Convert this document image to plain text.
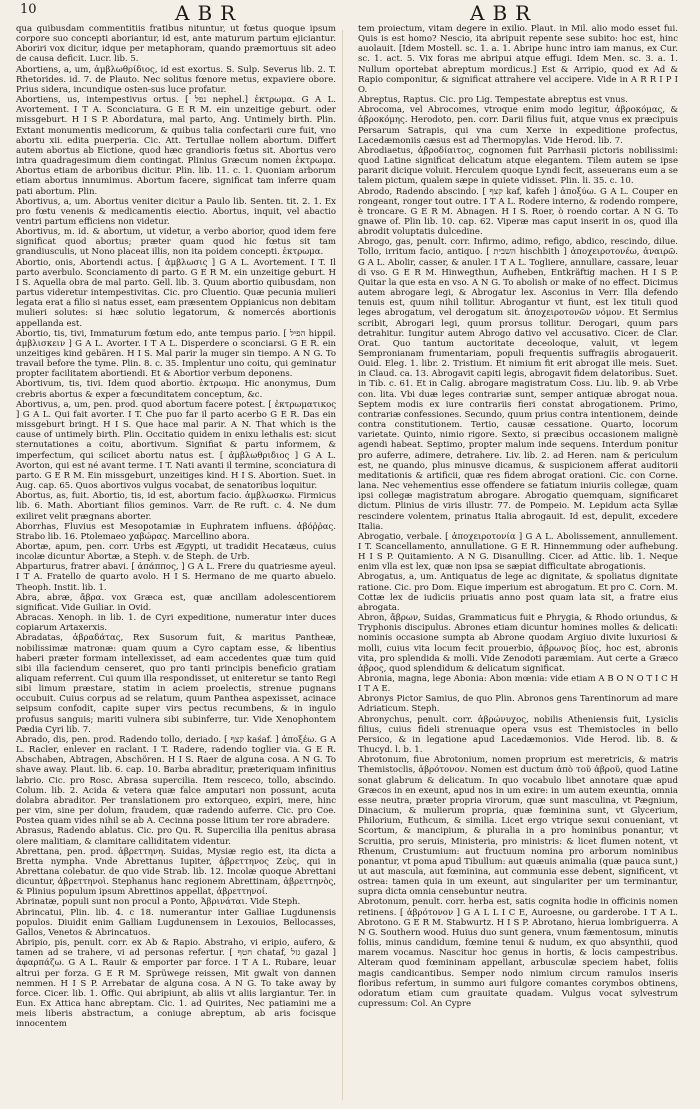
10	ABR	ABR

qua quibusdam commentitiis fratibus nituntur, ut fœtus quoque ipsum corpore suo concepti aboriantur, id est, ante maturum partum ejiciantur. Aboriri vox dicitur, idque per metaphoram, quando præmortuus sit adeo de causa deficit. Lucr. lib. 5.

Abortiens, a, um, ἀμβλωθρίδιος, id est exortus. S. Sulp. Severus lib. 2. T. Rhetorides. id. 7. de Plauto. Nec solitus fœnore metus, expaviere obore. Prius sidera, incundique osten-sus luce profatur.

Abortiens, us, intempestivus ortus. [ נפל nephel.] ἐκτρωμα. G A L. Avortement. I T A. Sconciatura. G E R M. ein unzeitige geburt. oder missgeburt. H I S P. Abordatura, mal parto, Ang. Untimely birth. Plin. Extant monumentis medicorum, & quibus talia confectarii cure fuit, vno abortu xii. edita puerperia. Cic. Att. Tertullae nollem abortum. Differt autem abortus ab Eictione, quod hæc grandioris fœtus sit. Abortus vero intra quadragesimum diem contingat. Plinius Græcum nomen ἐκτρωμα. Abortus etiam de arboribus dicitur. Plin. lib. 11. c. 1. Quoniam arborum etiam abortus innumimus. Abortum facere, significat tam inferre quam pati abortum. Plin.

Abortivus, a, um. Abortus veniter dicitur a Paulo lib. Senten. tit. 2. 1. Ex pro fœtu venenis & medicamentis eiectio. Abortus, inquit, vel abactio ventri partum efficiens non videtur.

Abortivus, m. id. & abortum, ut videtur, a verbo aborior, quod idem fere significat quod abortus; præter quam quod hic fœtus sit tam grandiusculis, ut Nono placeat illis, non ita poidem concepti. ἐκτρωμα.

Abortio, onis, Abortendi actus. [ ἀμβλωσις ] G A L. Avortement. I T. Il parto averbulo. Sconciamento di parto. G E R M. ein unzeitige geburt. H I S. Aquella obra de mal parto. Gell. lib. 3. Quum abortio quibusdam, non partus videretur intempestivitas. Cic. pro Cluentio. Quæ pecunia mulieri legata erat a filio si natus esset, eam præsentem Oppianicus non debitam mulieri solutes: si hæc solutio legatorum, & nomercés abortionis appellanda est.

Abortio, tis, tivi, Immaturum fœtum edo, ante tempus pario. [ הפיל hippil. ἀμβλισκειν ] G A L. Avorter. I T A L. Disperdere o sconciarsi. G E R. ein unzeitiges kind gebären. H I S. Mal parir la muger sin tiempo. A N G. To travail before the tyme. Plin. 8. c. 35. Implentur uno coitu, qui geminatur propter facilitatem abortiendi. Et & Abortior verbum deponens.

Abortivum, tis, tivi. Idem quod abortio. ἐκτρωμα. Hic anonymus, Dum crebris abortus & exper a fœcunditatem conceptum, &c.

Abortivus, a, um, pen. prod. quod abortum facere potest. [ ἐκτρωματικος ] G A L. Qui fait avorter. I T. Che puo far il parto acerbo G E R. Das ein missgeburt bringt. H I S. Que hace mal parir. A N. That which is the cause of untimely birth. Plin. Occitatio quidem in enixu lethalis est: sicut sternutationes a coitu, abortivum. Signifiat & partu informem, & imperfectum, qui scilicet abortu natus est. [ ἀμβλωθριδιος ] G A L. Avorton, qui est né avant terme. I T. Nati avanti il termine, sconciatura di parto. G E R M. Ein missgeburt, unzeitiges kind. H I S. Abortion. Suet. in Aug. cap. 65. Quos abortivos vulgus vocabat, de senatoribus loquitur.

Abortus, as, fuit. Abortio, tis, id est, abortum facio. ἀμβλωσκω. Firmicus lib. 6. Math. Abortiant filios geminos. Varr. de Re ruft. c. 4. Ne dum exiliret velit prægnans aborter.

Aborrhas, Fluvius est Mesopotamiæ in Euphratem influens. ἀβόῤῥας. Strabo lib. 16. Ptolemaeo χαβώρας. Marcellino abora.

Abortæ, apum, pen. corr. Urbs est Ægypti, ut tradidit Hecatæus, cuius incolæ dicuntur Abortæ, a Steph. v. de Steph. de Urb.

Abparturus, fratrer abavi. [ ἀπάππος, ] G A L. Frere du quatriesme ayeul. I T A. Fratello de quarto avolo. H I S. Hermano de me quarto abuelo. Theoph. Instit. lib. 1.

Abra, abræ, ἄβρα. vox Græca est, quæ ancillam adolescentiorem significat. Vide Guiliar. in Ovid.

Abracas. Xenoph. in lib. 1. de Cyri expeditione, numeratur inter duces copiarum Artaxerxis.

Abradatas, ἀβραδάτας, Rex Susorum fuit, & maritus Pantheæ, nobilissimæ matronæ: quam quum a Cyro captam esse, & libentius haberi præter formam intellexisset, ad eam accedentes quæ tum quid sibi illa faciendum censeret, quo pro tanti principis beneficio gratiam aliquam referrent. Cui quum illa respondisset, ut eniteretur se tanto Regi sibi limum præstare, statim in aciem proelectis, strenue pugnans occubuit. Cuius corpus ad se relatum, quum Panthea aspexisset, acinace seipsum confodit, capite super virs pectus recumbens, & in ingulo profusus sanguis; mariti vulnera sibi subinferre, tur. Vide Xenophontem Pædia Cyri lib. 7.

Abrado, dis, pen. prod. Radendo tollo, deriado. [ קצף kaśaf. ] ἀποξέω. G A L. Racler, enlever en raclant. I T. Radere, radendo toglier via. G E R. Abschaben, Abtragen, Abschören. H I S. Raer de alguna cosa. A N G. To shave away. Plaut. lib. 6. cap. 10. Barba abraditur, præteriquam infinitius labrio. Cic. pro Rosc. Abrasa supercilia. Item resceco, tollo, abscindo. Colum. lib. 2. Acida & vetera quæ falce amputari non possunt, acuta dolabra abraditor. Per translationem pro extorqueo, expiri, mere, hinc per vim, sine per dolum, fraudem, quæ radendo auferre. Cic. pro Coe. Postea quam vides nihil se ab A. Cecinna posse litium ter rore abradere.

Abrasus, Radendo ablatus. Cic. pro Qu. R. Supercilia illa penitus abrasa olere malitiam, & clamitare calliditatem videntur.

Abrettana, pen. prod. ἀβρεττηνη. Suidas, Mysiæ regio est, ita dicta a Bretta nympha. Vnde Abrettanus Iupiter, ἀβρεττηνος Ζεὺς, qui in Abrettana colebatur. de quo vide Strab. lib. 12. Incolæ quoque Abrettani dicuntur, ἀβρεττηνοὶ. Stephanus hanc regionem Abrettinam, ἀβρεττηνὸς, & Plinius populum ipsum Abrettinos appellat, ἀβρεττηνοί.

Abrinatæ, populi sunt non procul a Ponto, Ἀβρινάται. Vide Steph.

Abrincatui, Plin. lib. 4. c 18. numerantur inter Galliae Lugdunensis populos. Diuidit enim Galliam Lugdunensem in Lexouios, Bellocasses, Gallos, Venetos & Abrincatuos.

Abripio, pis, penult. corr. ex Ab & Rapio. Abstraho, vi eripio, aufero, & tamen ad se trahere, vi ad personas refertur. [ חטף chataf, גזל gazal ] ἀφαρπάζω. G A L. Rauir & emporter par force. I T A L. Rubare, leuar altrui per forza. G E R M. Sprüwege reissen, Mit gwalt von dannen nemmen. H I S P. Arrebatar de alguna cosa. A N G. To take away by force. Cicer. lib. 1. Offic. Qui abripiunt, ab aliis vt aliis largiantur. Ter. in Eun. Ex Attica hanc abreptam. Cic. 1. ad Quirites, Nec patiamini me a meis liberis abstractum, a coniuge abreptum, ab aris focisque innocentem

tem proiectum, vitam degere in exilio. Plaut. in Mil. alio modo esset fui. Quis is est homo? Nescio, ita abripuit repente sese subito: hoc est, hinc auolauit. [Idem Mostell. sc. 1. a. 1. Abripe hunc intro iam manus, ex Cur. sc. 1. act. 5. Vix foras me abripui atque effugi. Idem Men. sc. 3. a. 1. Nullum oportebat abreptum mordicus.] Est & Arripio, quod ex Ad & Rapio componitur, & significat attrahere vel accipere. Vide in A R R I P I O.

Abreptus, Raptus. Cic. pro Lig. Tempestate abreptus est vnus.

Abrocoma, vel Abrocomes, vtroque enim modo legitur, ἀβροκόμας, & ἀβροκόμης. Herodoto, pen. corr. Darii filius fuit, atque vnus ex præcipuis Persarum Satrapis, qui vna cum Xerxe in expeditione profectus, Lacedæmoniis cæsus est ad Thermopylas. Vide Herod. lib. 7.

Abrodiaetus, ἀβροδίαιτος, cognomen fuit Parrhasii pictoris nobilissimi: quod Latine significat delicatum atque elegantem. Tilem autem se ipse pararit dicique voluit. Herculem quoque Lyndi fecit, asseuerans eum a se talem pictum, qualem sæpe in quiete vidisset. Plin. li. 35. c. 10.

Abrodo, Radendo abscindo. [ קצף kaf, kafeh ] ἀποξύω. G A L. Couper en rongeant, ronger tout outre. I T A L. Rodere interno, & rodendo rompere, è troncare. G E R M. Abnagen. H I S. Roer, ò roendo cortar. A N G. To gnawe of. Plin lib. 10. cap. 62. Viperæ mas caput inserit in os, quod illa abrodit voluptatis dulcedine.

Abrogo, gas, penult. corr. Infirmo, adimo, refigo, abdico, rescindo, dilue. Tollo, irritum facio, antiquo. [ השבית hischbith ] ἀποχειροτονέω, ἀναιρῶ. G A L. Abolir, casser, & anuler. I T A L. Togliere, annullare, cassare, leuar di vso. G E R M. Hinwegthun, Aufheben, Entkräftig machen. H I S P. Quitar la que esta en vso. A N G. To abolish or make of no effect. Dicimus autem abrogare legi, & Abrogatur lex. Asconius in Verr. Illa defendo tenuis est, quum nihil tollitur. Abrogantur vt fiunt, est lex tituli quod leges abrogatum, vel derogatum sit. ἀποχειροτονῶν νόμον. Et Sermius scribit, Abrogari legi, quum prorsus tollitur. Derogari, quum pars detrahitur. Iungitur autem Abrogo dativo vel accusativo. Cicer. de Clar. Orat. Quo tantum auctoritate deceoloque, valuit, vt legem Sempronianam frumentariam, populi frequentis suffragiis abrogauerit. Ouid. Eleg. 1. libr. 2. Tristium. Et nimium fit erit abrogat ille meis. Suet. in Claud. ca. 13. Abrogavit capiti legis, abrogavit fidem delatoribus. Suet. in Tib. c. 61. Et in Calig. abrogare magistratum Coss. Liu. lib. 9. ab Vrbe con. lita. Vbi duæ leges contrariæ sunt, semper antiquæ abrogat noua. Septem modis ex iure contrariis fieri constat abrogationem. Primo, contrariæ confessiones. Secundo, quum prius contra intentionem, deinde contra constitutionem. Tertio, causæ cessatione. Quarto, locorum varietate. Quinto, nimio rigore. Sexto, si præcibus occasionem malignè agendi habeat. Septimo, propter malum inde sequens. Interdum ponitur pro auferre, adimere, detrahere. Liv. lib. 2. ad Heren. nam & periculum est, ne quando, plus minusve dicamus, & suspicionem afferat auditorii meditationis & artificii, quæ res fidem abrogat orationi. Cic. con Corne. lana. Nec vehementius esse offendere se fatiatum iniuriis collegæ, quam ipsi collegæ magistratum abrogare. Abrogatio quemquam, significaret dictum. Plinius de viris illustr. 77. de Pompeio. M. Lepidum acta Syllæ rescindere volentem, prinatus Italia abrogauit. Id est, depulit, excedere Italia.

Abrogatio, verbale. [ ἀποχειροτονία ] G A L. Abolissement, annullement. I T. Scancellamento, annullatione. G E R. Hinnemmung oder aufhebung. H I S P. Quitamiento. A N G. Disanulling. Cicer. ad Attic. lib. 1. Neque enim vlla est lex, quæ non ipsa se sæpiat difficultate abrogationis.

Abrogatus, a, um. Antiquatus de lege ac dignitate, & spoliatus dignitate ratione. Cic. pro Dom. Eique imperium est abrogatum. Et pro C. Corn. M. Cottæ lex de iudiciis priuatis anno post quam lata sit, a fratre eius abrogata.

Abron, ἄβρων, Suidas, Grammaticus fuit e Phrygia, & Rhodo oriundus, & Tryphonis discipulus. Abrones etiam dicuntur homines molles & delicati: nominis occasione sumpta ab Abrone quodam Argiuo divite luxuriosi & molli, cuius vita locum fecit prouerbio, ἀβρωνος βίος, hoc est, abronis vita, pro splendida & molli. Vide Zenodoti paræmiam. Aut certe a Græco ἀβρος, quod splendidum & delicatum significat.

Abronia, magna, lege Abonia: Abon mœnia: vide etiam A B O N O T I C H I T A E.

Abronys Pictor Samius, de quo Plin. Abronos gens Tarentinorum ad mare Adriaticum. Steph.

Abronychus, penult. corr. ἀβρώνυχος, nobilis Atheniensis fuit, Lysiclis filius, cuius fideli strenuaque opera vsus est Themistocles in bello Persico, & in legatione apud Lacedæmonios. Vide Herod. lib. 8. & Thucyd. l. b. 1.

Abrotonum, fiue Abrotonium, nomen proprium est meretricis, & matris Themistoclis, ἀβρότονον. Nomen est ductum ἀπὸ τοῦ ἁβροῦ, quod Latine sonat glabrum & delicatum. In quo vocabulo libet annotare quæ apud Græcos in en exeunt, apud nos in um exire: in um autem exeuntia, omnia esse neutra, præter propria virorum, quæ sunt masculina, vt Pægnium, Dinacium, & mulierum propria, quæ fœminina sunt, vt Glycerium, Philorium, Euthcum, & similia. Licet ergo vtrique sexui conueniant, vt Scortum, & mancipium, & pluralia in a pro hominibus ponantur, vt Scruitia, pro seruis, Ministeria, pro ministris: & licet flumen notent, vt Rhenum, Crustumium: aut fructuum nomina pro arborum nominibus ponantur, vt poma apud Tibullum: aut quæuis animalia (quæ pauca sunt,) ut aut mascula, aut fœminina, aut communia esse debent, significent, vt ostrea: tamen quia in um exeunt, aut singulariter per um terminantur, supra dicta omnia censebuntur neutra.

Abrotonum, penult. corr. herba est, satis cognita hodie in officinis nomen retinens. [ ἀβρότονον ] G A L L I C E, Auroesne, ou garderobe. I T A L. Abrotono. G E R M. Stabwurtz. H I S P. Abrotano, hierua lombriguerra. A N G. Southern wood. Huius duo sunt genera, vnum fæmentosum, minutis foliis, minus candidum, fœmine tenui & nudum, ex quo absynthii, quod marem vocamus. Nascitur hoc genus in hortis, & locis campestribus. Alteram quod fœmininam appellant, arbusculæ speciem habet, foliis magis candicantibus. Semper nodo nimium circum ramulos inseris floribus refertum, in summo auri fulgore comantes corymbos obtinens, odoratum etiam cum grauitate quadam. Vulgus vocat sylvestrum cupressum: Col. An Cypre
